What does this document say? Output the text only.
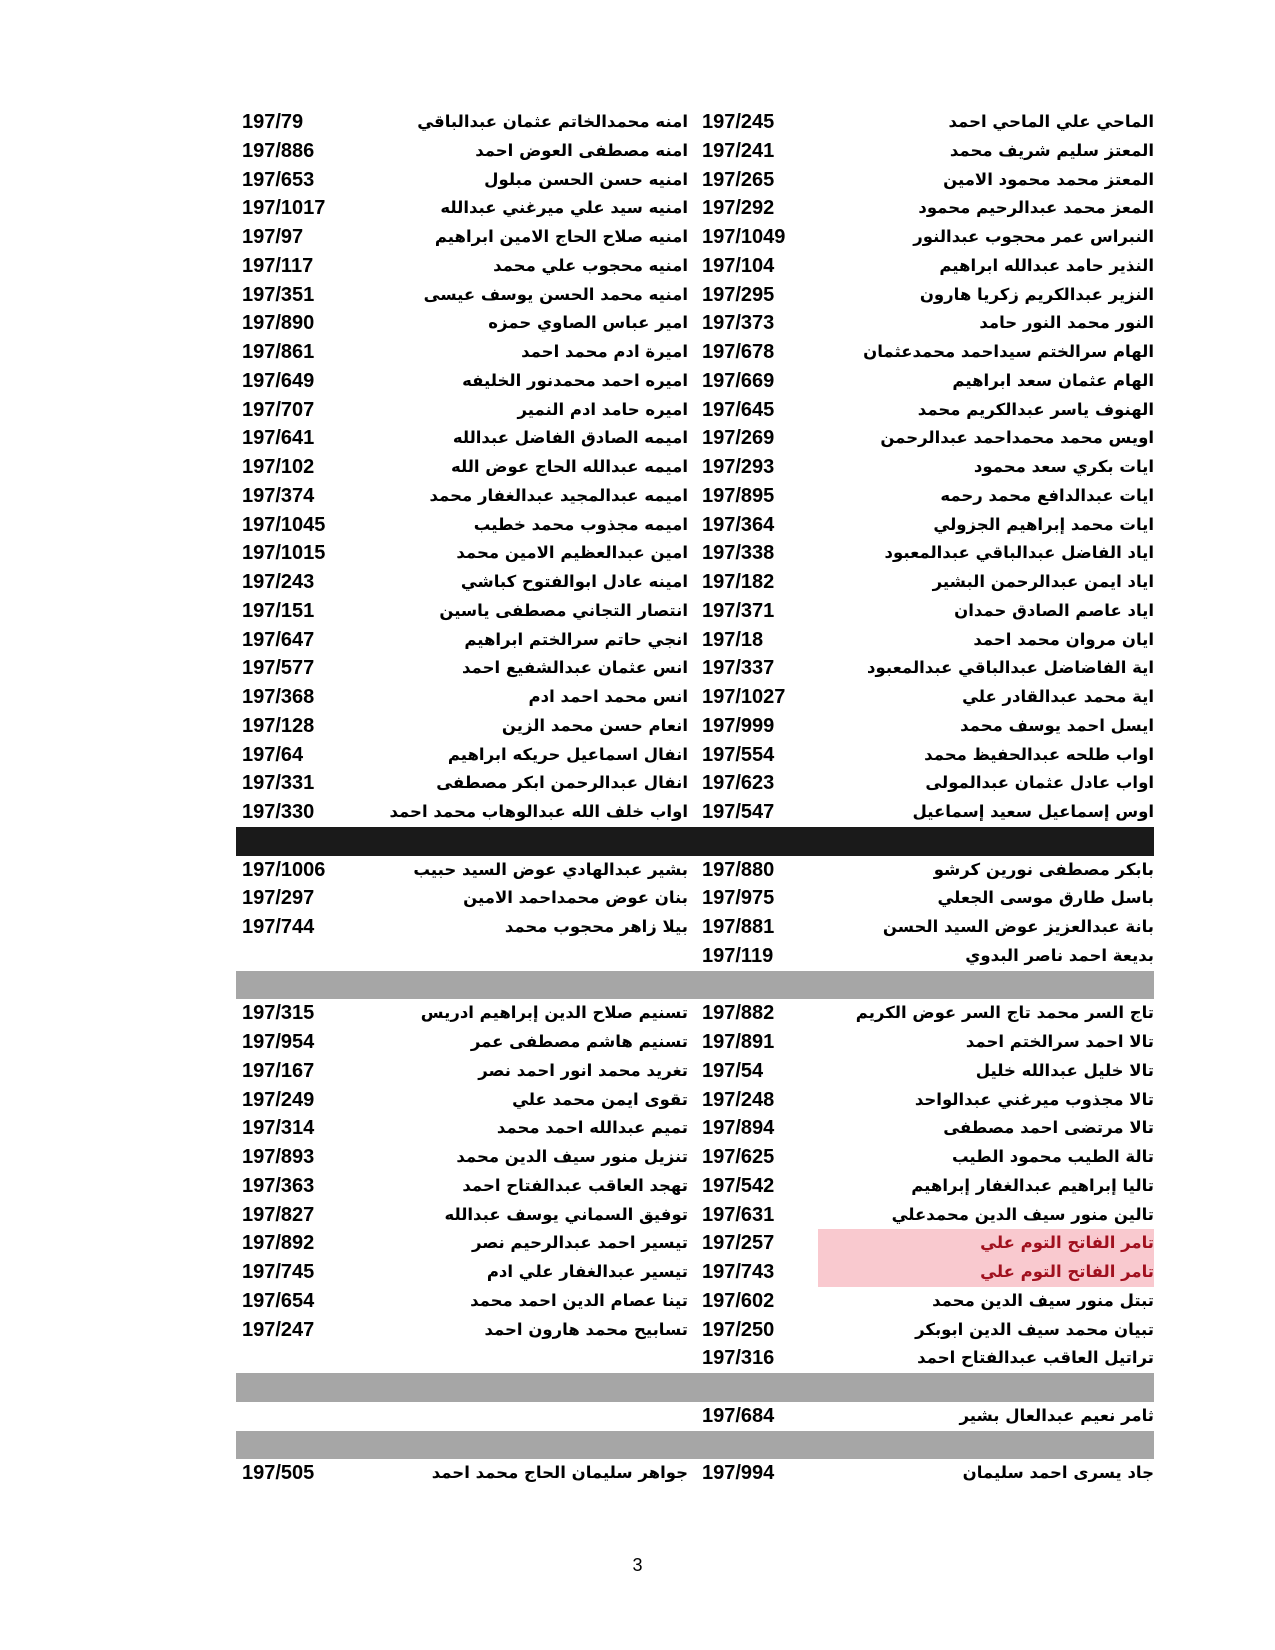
الماحي علي الماحي احمد
197/245
امنه محمدالخاتم عثمان عبدالباقي
197/79
المعتز سليم شريف محمد
197/241
امنه مصطفى العوض احمد
197/886
المعتز محمد محمود الامين
197/265
امنيه حسن الحسن مبلول
197/653
المعز محمد عبدالرحيم محمود
197/292
امنيه سيد علي ميرغني عبدالله
197/1017
النبراس عمر محجوب عبدالنور
197/1049
امنيه صلاح الحاج الامين ابراهيم
197/97
النذير حامد عبدالله ابراهيم
197/104
امنيه محجوب علي محمد
197/117
النزير عبدالكريم زكريا هارون
197/295
امنيه محمد الحسن يوسف عيسى
197/351
النور محمد النور حامد
197/373
امير عباس الصاوي حمزه
197/890
الهام سرالختم سيداحمد محمدعثمان
197/678
اميرة ادم محمد احمد
197/861
الهام عثمان سعد ابراهيم
197/669
اميره احمد محمدنور الخليفه
197/649
الهنوف ياسر عبدالكريم محمد
197/645
اميره حامد ادم النمير
197/707
اويس محمد محمداحمد عبدالرحمن
197/269
اميمه الصادق الفاضل عبدالله
197/641
ايات بكري سعد محمود
197/293
اميمه عبدالله الحاج عوض الله
197/102
ايات عبدالدافع محمد رحمه
197/895
اميمه عبدالمجيد عبدالغفار محمد
197/374
ايات محمد إبراهيم الجزولي
197/364
اميمه مجذوب محمد خطيب
197/1045
اياد الفاضل عبدالباقي عبدالمعبود
197/338
امين عبدالعظيم الامين محمد
197/1015
اياد ايمن عبدالرحمن البشير
197/182
امينه عادل ابوالفتوح كباشي
197/243
اياد عاصم الصادق حمدان
197/371
انتصار التجاني مصطفى ياسين
197/151
ايان مروان محمد احمد
197/18
انجي حاتم سرالختم ابراهيم
197/647
اية الفاضاضل عبدالباقي عبدالمعبود
197/337
انس عثمان عبدالشفيع احمد
197/577
اية محمد عبدالقادر علي
197/1027
انس محمد احمد ادم
197/368
ايسل احمد يوسف محمد
197/999
انعام حسن محمد الزين
197/128
اواب طلحه عبدالحفيظ محمد
197/554
انفال اسماعيل حريكه ابراهيم
197/64
اواب عادل عثمان عبدالمولى
197/623
انفال عبدالرحمن ابكر مصطفى
197/331
اوس إسماعيل سعيد إسماعيل
197/547
اواب خلف الله عبدالوهاب محمد احمد
197/330
بابكر مصطفى نورين كرشو
197/880
بشير عبدالهادي عوض السيد حبيب
197/1006
باسل طارق موسى الجعلي
197/975
بنان عوض محمداحمد الامين
197/297
بانة عبدالعزيز عوض السيد الحسن
197/881
بيلا زاهر محجوب محمد
197/744
بديعة احمد ناصر البدوي
197/119
تاج السر محمد تاج السر عوض الكريم
197/882
تسنيم صلاح الدين إبراهيم ادريس
197/315
تالا احمد سرالختم احمد
197/891
تسنيم هاشم مصطفى عمر
197/954
تالا خليل عبدالله خليل
197/54
تغريد محمد انور احمد نصر
197/167
تالا مجذوب ميرغني عبدالواحد
197/248
تقوى ايمن محمد علي
197/249
تالا مرتضى احمد مصطفى
197/894
تميم عبدالله احمد محمد
197/314
تالة الطيب محمود الطيب
197/625
تنزيل منور سيف الدين محمد
197/893
تاليا إبراهيم عبدالغفار إبراهيم
197/542
تهجد العاقب عبدالفتاح احمد
197/363
تالين منور سيف الدين محمدعلي
197/631
توفيق السماني يوسف عبدالله
197/827
تامر الفاتح التوم علي
197/257
تيسير احمد عبدالرحيم نصر
197/892
تامر الفاتح التوم علي
197/743
تيسير عبدالغفار علي ادم
197/745
تبتل منور سيف الدين محمد
197/602
تينا عصام الدين احمد محمد
197/654
تبيان محمد سيف الدين ابوبكر
197/250
تسابيح محمد هارون احمد
197/247
تراتيل العاقب عبدالفتاح احمد
197/316
ثامر نعيم عبدالعال بشير
197/684
جاد يسرى احمد سليمان
197/994
جواهر سليمان الحاج محمد احمد
197/505
3
